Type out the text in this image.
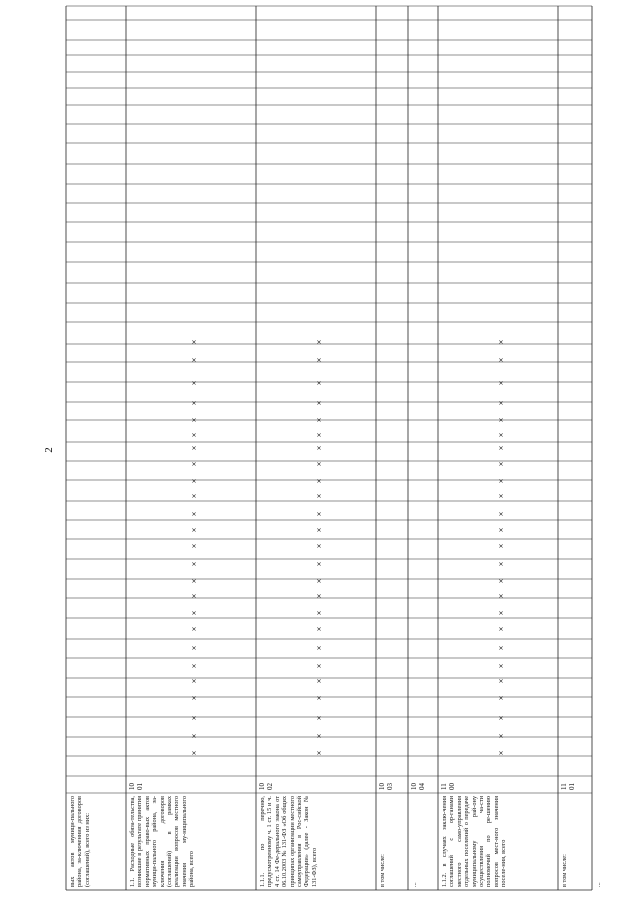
2
вых актов муници-пального района, за-ключенния договоров (соглашений), всего из них:	1.1. Расходные обяза-тельства, возникшие в результате принятия нормативных право-вых актов муници-пального района, за-ключения договоров (соглашений) в рамках реализации вопросов местного значения му-ниципального района, всего
10 01
×
×
×
×
×
×
×
×
×
×
×
×
×
×
×
×
×
×
×
×
×
×
×
×
×
1.1.1. по перечню, предусмотренному ч. 1 ст. 15 и ч. 4 ст. 14 Фе-дерального закона от 06.10.2003 № 131-ФЗ «Об общих принципах организации местного самоуправления в Рос-сийской Федерации» (далее - Закон № 131-ФЗ), всего
10 02
×
×
×
×
×
×
×
×
×
×
×
×
×
×
×
×
×
×
×
×
×
×
×
×
×
в том числе:
10 03
...
10 04
1.1.2. в случаях заклю-чения соглашений с ор-ганами местного само-управления отдельных поселений о передаче муниципальному рай-ону осуществления ча-сти полномочий по ре-шению вопросов мест-ного значения поселе-ния, всего
11 00
×
×
×
×
×
×
×
×
×
×
×
×
×
×
×
×
×
×
×
×
×
×
×
×
×
в том числе:
11 01
...
